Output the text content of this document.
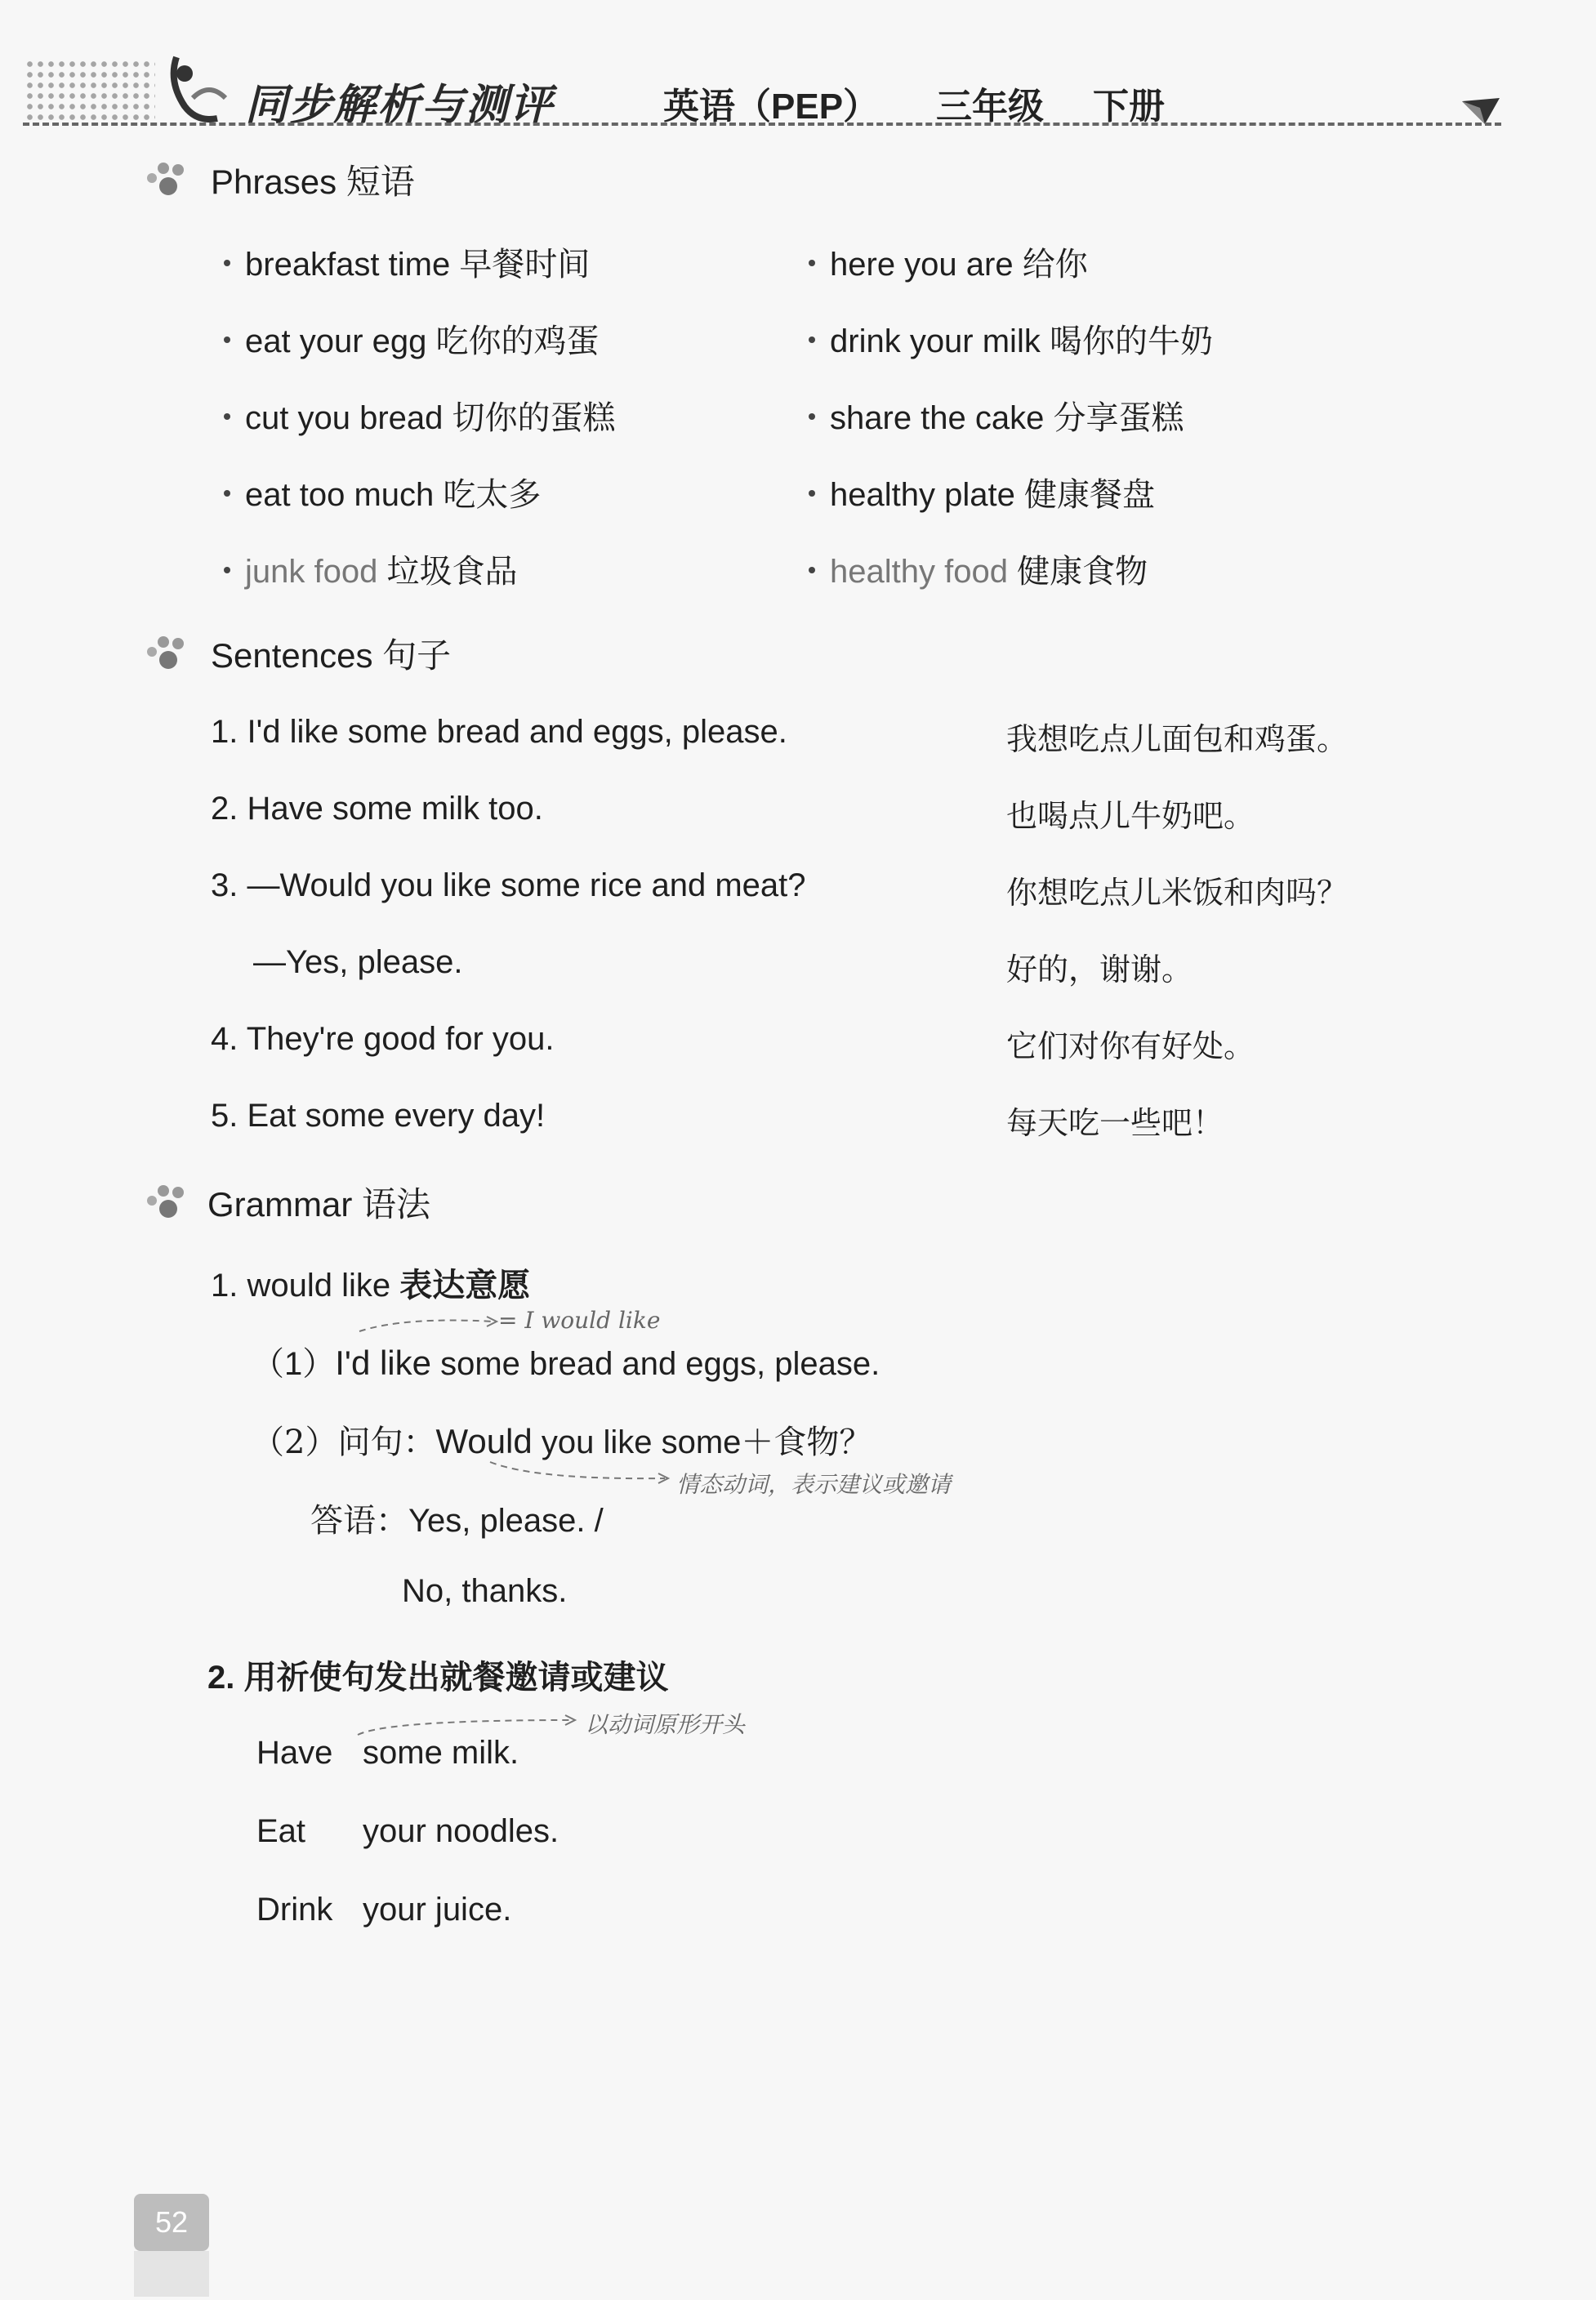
同步解析与测评	英语（PEP） 三年级 下册
Phrases 短语
breakfast time 早餐时间
eat your egg 吃你的鸡蛋
cut you bread 切你的蛋糕
eat too much 吃太多
junk food 垃圾食品
here you are 给你
drink your milk 喝你的牛奶
share the cake 分享蛋糕
healthy plate 健康餐盘
healthy food 健康食物
Sentences 句子
1. I'd like some bread and eggs, please.	我想吃点儿面包和鸡蛋。
2. Have some milk too.	也喝点儿牛奶吧。
3. —Would you like some rice and meat?	你想吃点儿米饭和肉吗？
—Yes, please.	好的，谢谢。
4. They're good for you.	它们对你有好处。
5. Eat some every day!	每天吃一些吧！
Grammar 语法
1. would like 表达意愿
= I would like
（1）I'd like some bread and eggs, please.
（2）问句：Would you like some＋食物？
情态动词，表示建议或邀请
答语：Yes, please. /
No, thanks.
2. 用祈使句发出就餐邀请或建议
以动词原形开头
Have some milk.
Eat your noodles.
Drink your juice.
52
